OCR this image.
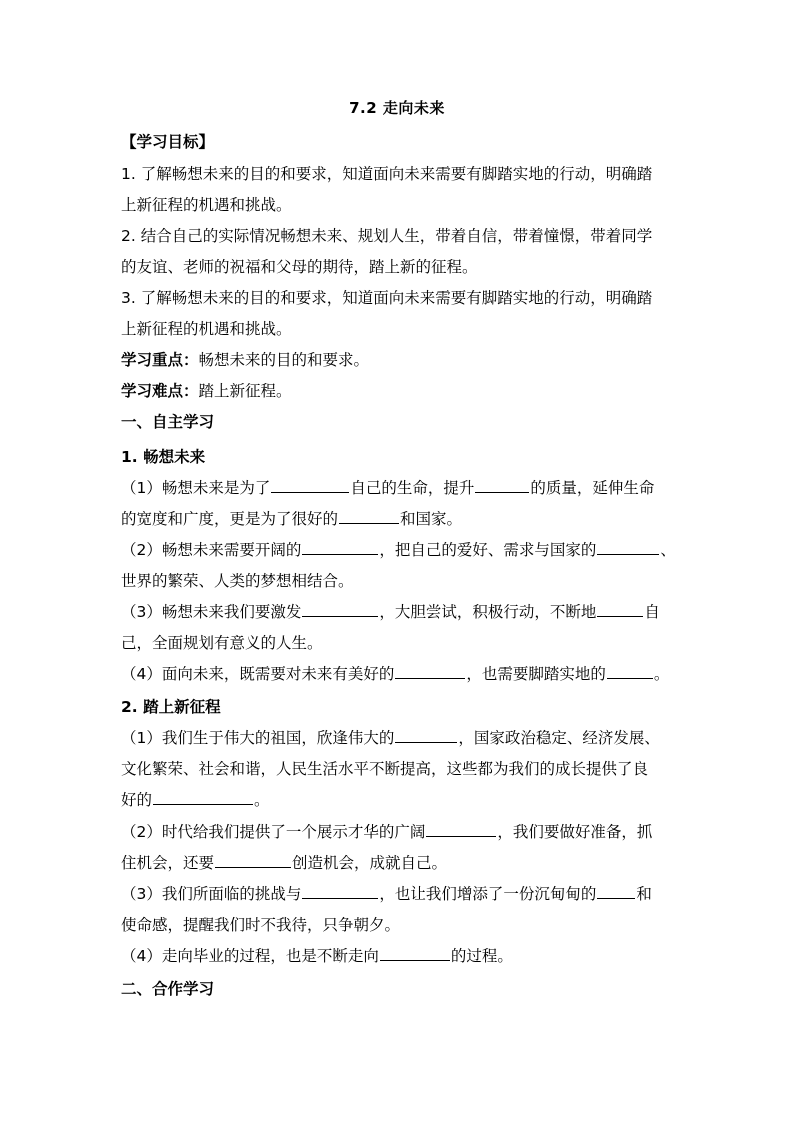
7.2 走向未来
【学习目标】
1. 了解畅想未来的目的和要求，知道面向未来需要有脚踏实地的行动，明确踏
上新征程的机遇和挑战。
2. 结合自己的实际情况畅想未来、规划人生，带着自信，带着憧憬，带着同学
的友谊、老师的祝福和父母的期待，踏上新的征程。
3. 了解畅想未来的目的和要求，知道面向未来需要有脚踏实地的行动，明确踏
上新征程的机遇和挑战。
学习重点：畅想未来的目的和要求。
学习难点：踏上新征程。
一、自主学习
1. 畅想未来
（1）畅想未来是为了	自己的生命，提升	的质量，延伸生命
的宽度和广度，更是为了很好的	和国家。
（2）畅想未来需要开阔的	，把自己的爱好、需求与国家的	、
世界的繁荣、人类的梦想相结合。
（3）畅想未来我们要激发	，大胆尝试，积极行动，不断地	自
己，全面规划有意义的人生。
（4）面向未来，既需要对未来有美好的	，也需要脚踏实地的	。
2. 踏上新征程
（1）我们生于伟大的祖国，欣逢伟大的	，国家政治稳定、经济发展、
文化繁荣、社会和谐，人民生活水平不断提高，这些都为我们的成长提供了良
好的	。
（2）时代给我们提供了一个展示才华的广阔	，我们要做好准备，抓
住机会，还要	创造机会，成就自己。
（3）我们所面临的挑战与	，也让我们增添了一份沉甸甸的	和
使命感，提醒我们时不我待，只争朝夕。
（4）走向毕业的过程，也是不断走向	的过程。
二、合作学习
